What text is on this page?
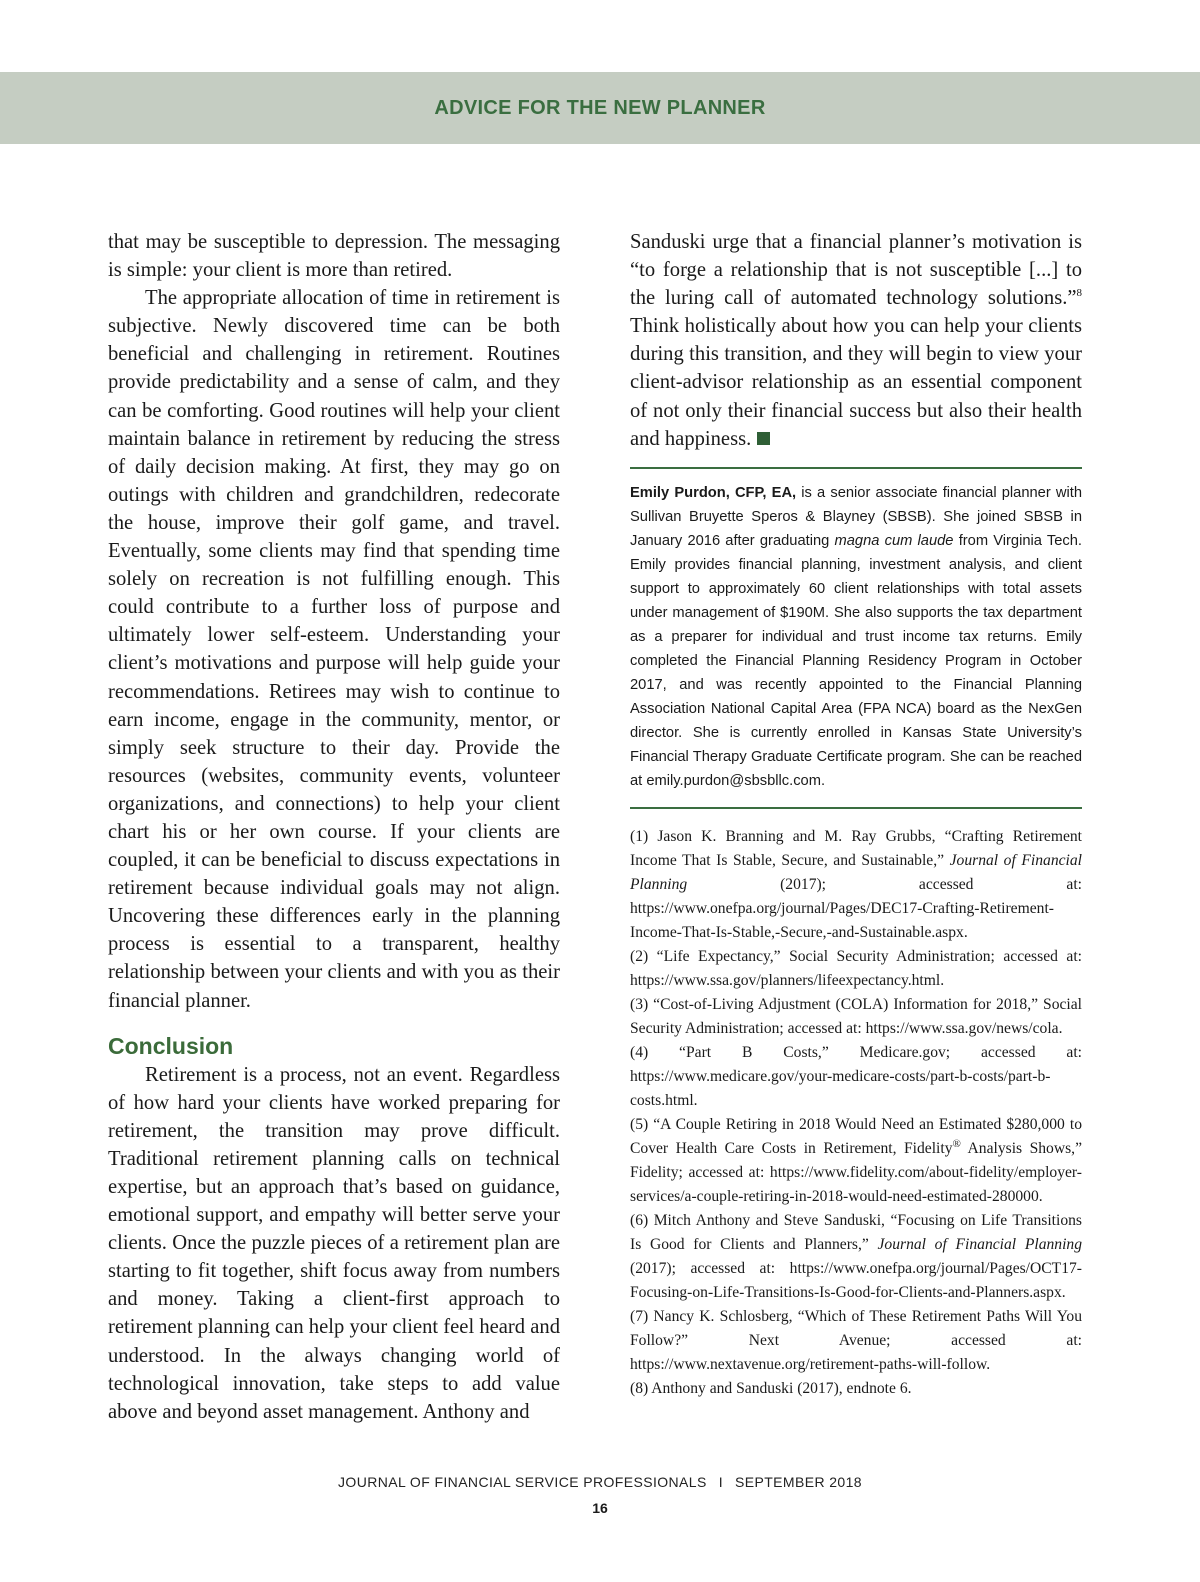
ADVICE FOR THE NEW PLANNER

that may be susceptible to depression. The messaging is simple: your client is more than retired.

The appropriate allocation of time in retirement is subjective. Newly discovered time can be both beneficial and challenging in retirement. Routines provide predictability and a sense of calm, and they can be comforting. Good routines will help your client maintain balance in retirement by reducing the stress of daily decision making. At first, they may go on outings with children and grandchildren, redecorate the house, improve their golf game, and travel. Eventually, some clients may find that spending time solely on recreation is not fulfilling enough. This could contribute to a further loss of purpose and ultimately lower self-esteem. Understanding your client’s motivations and purpose will help guide your recommendations. Retirees may wish to continue to earn income, engage in the community, mentor, or simply seek structure to their day. Provide the resources (websites, community events, volunteer organizations, and connections) to help your client chart his or her own course. If your clients are coupled, it can be beneficial to discuss expectations in retirement because individual goals may not align. Uncovering these differences early in the planning process is essential to a transparent, healthy relationship between your clients and with you as their financial planner.

Conclusion

Retirement is a process, not an event. Regardless of how hard your clients have worked preparing for retirement, the transition may prove difficult. Traditional retirement planning calls on technical expertise, but an approach that’s based on guidance, emotional support, and empathy will better serve your clients. Once the puzzle pieces of a retirement plan are starting to fit together, shift focus away from numbers and money. Taking a client-first approach to retirement planning can help your client feel heard and understood. In the always changing world of technological innovation, take steps to add value above and beyond asset management. Anthony and

Sanduski urge that a financial planner’s motivation is “to forge a relationship that is not susceptible [...] to the luring call of automated technology solutions.”$^8$ Think holistically about how you can help your clients during this transition, and they will begin to view your client-advisor relationship as an essential component of not only their financial success but also their health and happiness.

Emily Purdon, CFP, EA, is a senior associate financial planner with Sullivan Bruyette Speros & Blayney (SBSB). She joined SBSB in January 2016 after graduating magna cum laude from Virginia Tech. Emily provides financial planning, investment analysis, and client support to approximately 60 client relationships with total assets under management of $190M. She also supports the tax department as a preparer for individual and trust income tax returns. Emily completed the Financial Planning Residency Program in October 2017, and was recently appointed to the Financial Planning Association National Capital Area (FPA NCA) board as the NexGen director. She is currently enrolled in Kansas State University’s Financial Therapy Graduate Certificate program. She can be reached at emily.purdon@sbsbllc.com.

(1) Jason K. Branning and M. Ray Grubbs, “Crafting Retirement Income That Is Stable, Secure, and Sustainable,” Journal of Financial Planning	(2017); accessed at: https://www.onefpa.org/journal/Pages/DEC17-Crafting-Retirement-Income-That-Is-Stable,-Secure,-and-Sustainable.aspx.

(2) “Life Expectancy,” Social Security Administration; accessed at: https://www.ssa.gov/planners/lifeexpectancy.html.

(3) “Cost-of-Living Adjustment (COLA) Information for 2018,” Social Security Administration; accessed at: https://www.ssa.gov/news/cola.

(4) “Part B Costs,” Medicare.gov; accessed at: https://www.medicare.gov/your-medicare-costs/part-b-costs/part-b-costs.html.

(5) “A Couple Retiring in 2018 Would Need an Estimated $280,000 to Cover Health Care Costs in Retirement, Fidelity® Analysis Shows,” Fidelity; accessed at: https://www.fidelity.com/about-fidelity/employer-services/a-couple-retiring-in-2018-would-need-estimated-280000.

(6) Mitch Anthony and Steve Sanduski, “Focusing on Life Transitions Is Good for Clients and Planners,” Journal of Financial Planning (2017); accessed at: https://www.onefpa.org/journal/Pages/OCT17-Focusing-on-Life-Transitions-Is-Good-for-Clients-and-Planners.aspx.

(7) Nancy K. Schlosberg, “Which of These Retirement Paths Will You Follow?” Next Avenue; accessed at: https://www.nextavenue.org/retirement-paths-will-follow.

(8) Anthony and Sanduski (2017), endnote 6.

JOURNAL OF FINANCIAL SERVICE PROFESSIONALS I SEPTEMBER 2018
16
